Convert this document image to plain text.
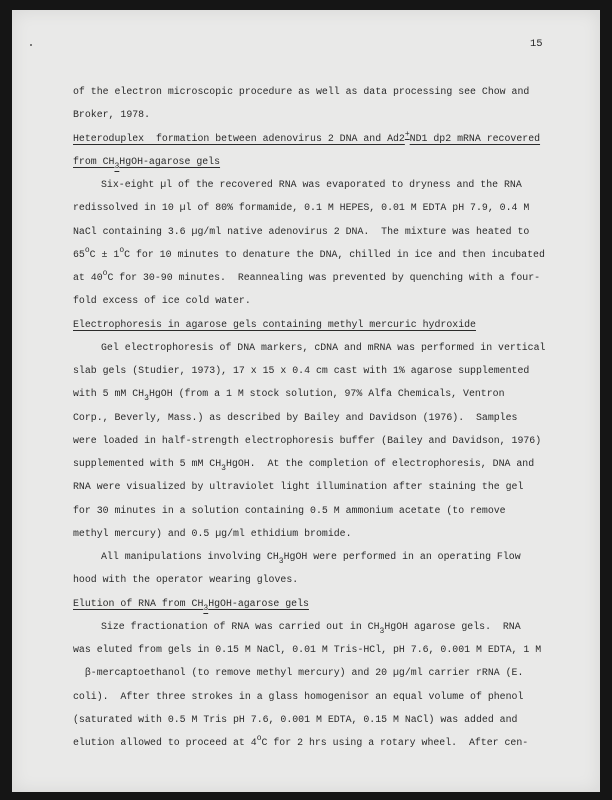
15
of the electron microscopic procedure as well as data processing see Chow and
Broker, 1978.
Heteroduplex  formation between adenovirus 2 DNA and Ad2+ND1 dp2 mRNA recovered
from $CH_3HgOH$-agarose gels
Six-eight µl of the recovered RNA was evaporated to dryness and the RNA
redissolved in 10 µl of 80% formamide, 0.1 M HEPES, 0.01 M EDTA pH 7.9, 0.4 M
NaCl containing 3.6 µg/ml native adenovirus 2 DNA.  The mixture was heated to
$65^oC \pm 1^oC$ for 10 minutes to denature the DNA, chilled in ice and then incubated
at 40$^o$C for 30-90 minutes.  Reannealing was prevented by quenching with a four-
fold excess of ice cold water.
Electrophoresis in agarose gels containing methyl mercuric hydroxide
Gel electrophoresis of DNA markers, cDNA and mRNA was performed in vertical
slab gels (Studier, 1973), 17 x 15 x 0.4 cm cast with 1% agarose supplemented
with 5 mM $CH_3HgOH$ (from a 1 M stock solution, 97% Alfa Chemicals, Ventron
Corp., Beverly, Mass.) as described by Bailey and Davidson (1976).  Samples
were loaded in half-strength electrophoresis buffer (Bailey and Davidson, 1976)
supplemented with 5 mM $CH_3HgOH$.  At the completion of electrophoresis, DNA and
RNA were visualized by ultraviolet light illumination after staining the gel
for 30 minutes in a solution containing 0.5 M ammonium acetate (to remove
methyl mercury) and 0.5 µg/ml ethidium bromide.
All manipulations involving $CH_3HgOH$ were performed in an operating Flow
hood with the operator wearing gloves.
Elution of RNA from $CH_3HgOH$-agarose gels
Size fractionation of RNA was carried out in $CH_3HgOH$ agarose gels.  RNA
was eluted from gels in 0.15 M NaCl, 0.01 M Tris-HCl, pH 7.6, 0.001 M EDTA, 1 M
β-mercaptoethanol (to remove methyl mercury) and 20 µg/ml carrier rRNA (E.
coli).  After three strokes in a glass homogenisor an equal volume of phenol
(saturated with 0.5 M Tris pH 7.6, 0.001 M EDTA, 0.15 M NaCl) was added and
elution allowed to proceed at 4$^o$C for 2 hrs using a rotary wheel.  After cen-
